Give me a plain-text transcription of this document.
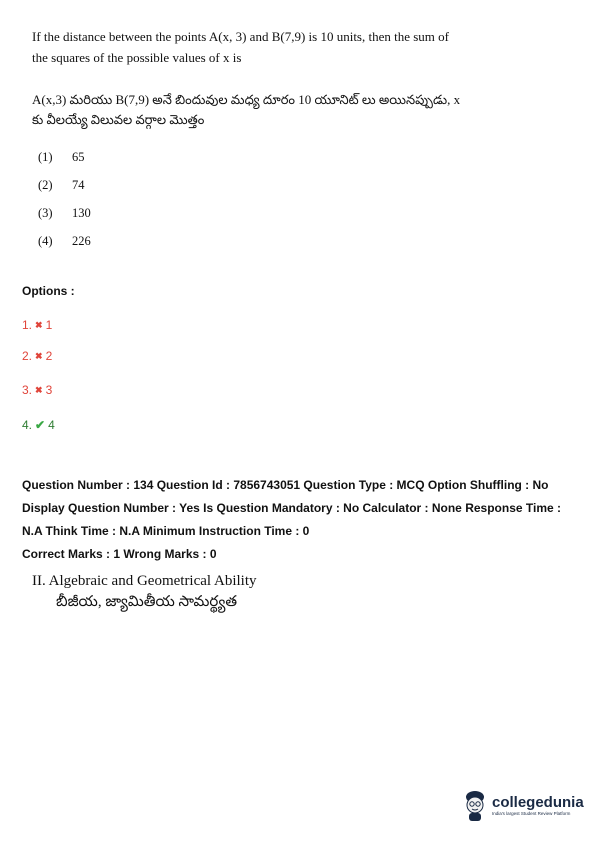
If the distance between the points A(x, 3) and B(7,9) is 10 units, then the sum of the squares of the possible values of x is
A(x,3) మరియు B(7,9) అనే బిందువుల మధ్య దూరం 10 యూనిట్ లు అయినప్పుడు, x కు వీలయ్యే విలువల వర్గాల మొత్తం
(1)	65
(2)	74
(3)	130
(4)	226
Options :
1. ✖ 1
2. ✖ 2
3. ✖ 3
4. ✔ 4
Question Number : 134 Question Id : 7856743051 Question Type : MCQ Option Shuffling : No Display Question Number : Yes Is Question Mandatory : No Calculator : None Response Time : N.A Think Time : N.A Minimum Instruction Time : 0
Correct Marks : 1 Wrong Marks : 0
II. Algebraic and Geometrical Ability
బీజీయ, జ్యామితీయ సామర్థ్యత
collegedunia
India's largest Student Review Platform
